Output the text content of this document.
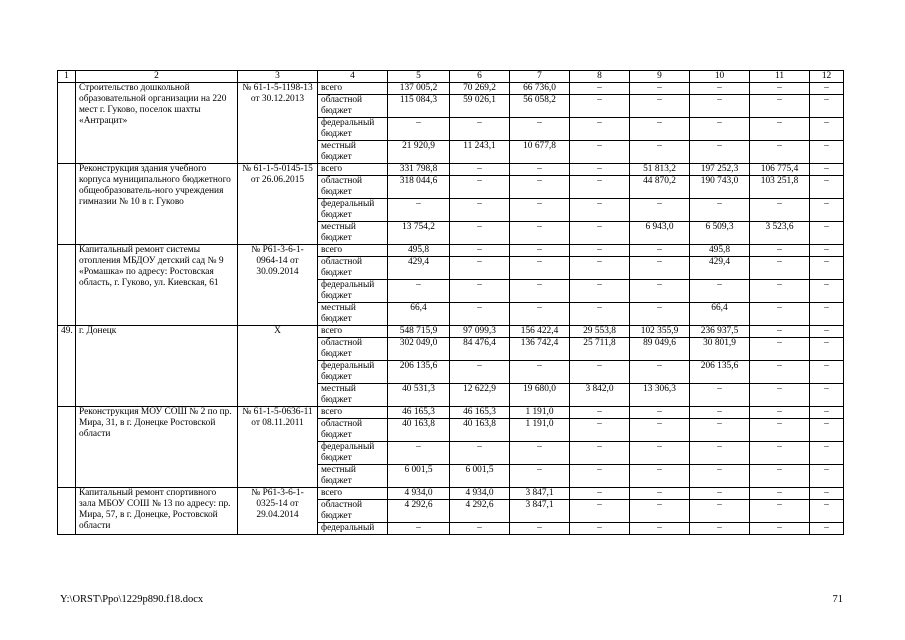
1	2	3	4	5	6	7	8	9	10	11	12
	Строительство дошкольной образовательной организации на 220 мест г. Гуково, поселок шахты «Антрацит»	№ 61-1-5-1198-13 от 30.12.2013	всего	137 005,2	70 269,2	66 736,0	–	–	–	–	–
			областной бюджет	115 084,3	59 026,1	56 058,2	–	–	–	–	–
			федеральный бюджет	–	–	–	–	–	–	–	–
			местный бюджет	21 920,9	11 243,1	10 677,8	–	–	–	–	–
	Реконструкция здания учебного корпуса муниципального бюджетного общеобразователь-ного учреждения гимназии № 10 в г. Гуково	№ 61-1-5-0145-15 от 26.06.2015	всего	331 798,8	–	–	–	51 813,2	197 252,3	106 775,4	–
			областной бюджет	318 044,6	–	–	–	44 870,2	190 743,0	103 251,8	–
			федеральный бюджет	–	–	–	–	–	–	–	–
			местный бюджет	13 754,2	–	–	–	6 943,0	6 509,3	3 523,6	–
	Капитальный ремонт системы отопления МБДОУ детский сад № 9 «Ромашка» по адресу: Ростовская область, г. Гуково, ул. Киевская, 61	№ Р61-3-6-1-0964-14 от 30.09.2014	всего	495,8	–	–	–	–	495,8	–	–
			областной бюджет	429,4	–	–	–	–	429,4	–	–
			федеральный бюджет	–	–	–	–	–	–	–	–
			местный бюджет	66,4	–	–	–	–	66,4	–	–
49.	г. Донецк	Х	всего	548 715,9	97 099,3	156 422,4	29 553,8	102 355,9	236 937,5	–	–
			областной бюджет	302 049,0	84 476,4	136 742,4	25 711,8	89 049,6	30 801,9	–	–
			федеральный бюджет	206 135,6	–	–	–	–	206 135,6	–	–
			местный бюджет	40 531,3	12 622,9	19 680,0	3 842,0	13 306,3	–	–	–
	Реконструкция МОУ СОШ № 2 по пр. Мира, 31, в г. Донецке Ростовской области	№ 61-1-5-0636-11 от 08.11.2011	всего	46 165,3	46 165,3	1 191,0	–	–	–	–	–
			областной бюджет	40 163,8	40 163,8	1 191,0	–	–	–	–	–
			федеральный бюджет	–	–	–	–	–	–	–	–
			местный бюджет	6 001,5	6 001,5	–	–	–	–	–	–
	Капитальный ремонт спортивного зала МБОУ СОШ № 13 по адресу: пр. Мира, 57, в г. Донецке, Ростовской области	№ Р61-3-6-1-0325-14 от 29.04.2014	всего	4 934,0	4 934,0	3 847,1	–	–	–	–	–
			областной бюджет	4 292,6	4 292,6	3 847,1	–	–	–	–	–
			федеральный	–	–	–	–	–	–	–	–
Y:\ORST\Ppo\1229p890.f18.docx	71
